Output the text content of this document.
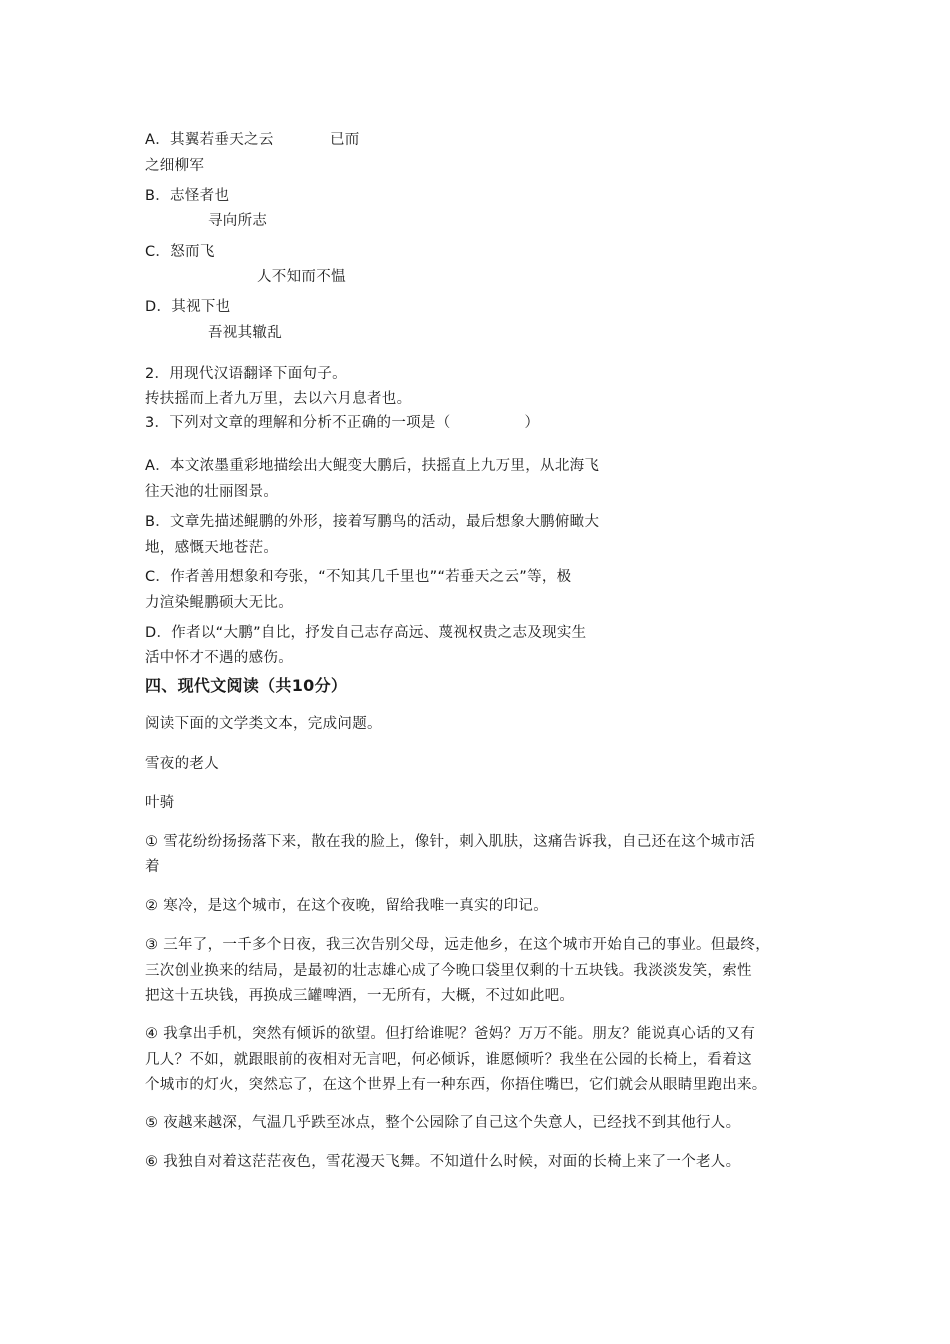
A．其翼若垂天之云	已而
之细柳军
B．志怪者也
寻向所志
C．怒而飞
人不知而不愠
D．其视下也
吾视其辙乱
2．用现代汉语翻译下面句子。
抟扶摇而上者九万里，去以六月息者也。
3．下列对文章的理解和分析不正确的一项是（　　　　　）
A．本文浓墨重彩地描绘出大鲲变大鹏后，扶摇直上九万里，从北海飞
往天池的壮丽图景。
B．文章先描述鲲鹏的外形，接着写鹏鸟的活动，最后想象大鹏俯瞰大
地，感慨天地苍茫。
C．作者善用想象和夸张，“不知其几千里也”“若垂天之云”等，极
力渲染鲲鹏硕大无比。
D．作者以“大鹏”自比，抒发自己志存高远、蔑视权贵之志及现实生
活中怀才不遇的感伤。
四、现代文阅读（共10分）
阅读下面的文学类文本，完成问题。
雪夜的老人
叶骑
① 雪花纷纷扬扬落下来，散在我的脸上，像针，刺入肌肤，这痛告诉我，自己还在这个城市活
着
② 寒冷，是这个城市，在这个夜晚，留给我唯一真实的印记。
③ 三年了，一千多个日夜，我三次告别父母，远走他乡，在这个城市开始自己的事业。但最终，
三次创业换来的结局，是最初的壮志雄心成了今晚口袋里仅剩的十五块钱。我淡淡发笑，索性
把这十五块钱，再换成三罐啤酒，一无所有，大概，不过如此吧。
④ 我拿出手机，突然有倾诉的欲望。但打给谁呢？爸妈？万万不能。朋友？能说真心话的又有
几人？不如，就跟眼前的夜相对无言吧，何必倾诉，谁愿倾听？我坐在公园的长椅上，看着这
个城市的灯火，突然忘了，在这个世界上有一种东西，你捂住嘴巴，它们就会从眼睛里跑出来。
⑤ 夜越来越深，气温几乎跌至冰点，整个公园除了自己这个失意人，已经找不到其他行人。
⑥ 我独自对着这茫茫夜色，雪花漫天飞舞。不知道什么时候，对面的长椅上来了一个老人。
